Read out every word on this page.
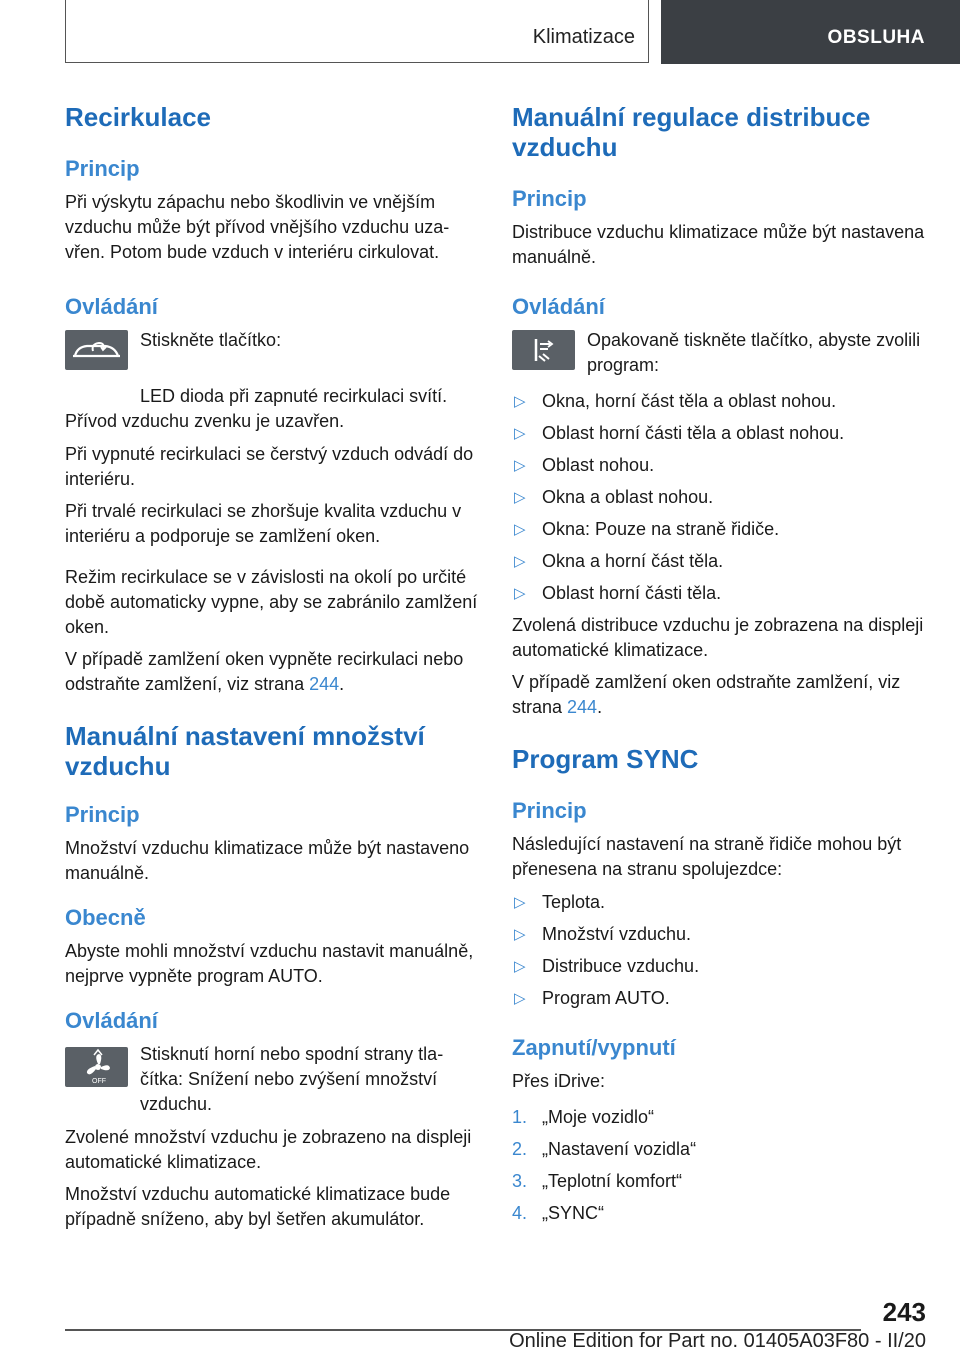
Klimatizace	OBSLUHA
Recirkulace
Princip

Při výskytu zápachu nebo škodlivin ve vnějším vzduchu může být přívod vnějšího vzduchu uzavřen. Potom bude vzduch v interiéru cirkulovat.

Ovládání

Stiskněte tlačítko:

LED dioda při zapnuté recirkulaci svítí. Přívod vzduchu zvenku je uzavřen.

Při vypnuté recirkulaci se čerstvý vzduch odvádí do interiéru.

Při trvalé recirkulaci se zhoršuje kvalita vzduchu v interiéru a podporuje se zamlžení oken.

Režim recirkulace se v závislosti na okolí po určité době automaticky vypne, aby se zabránilo zamlžení oken.

V případě zamlžení oken vypněte recirkulaci nebo odstraňte zamlžení, viz strana 244.

Manuální nastavení množství vzduchu
Princip

Množství vzduchu klimatizace může být nastaveno manuálně.

Obecně

Abyste mohli množství vzduchu nastavit manuálně, nejprve vypněte program AUTO.

Ovládání
OFF

Stisknutí horní nebo spodní strany tlačítka: Snížení nebo zvýšení množství vzduchu.

Zvolené množství vzduchu je zobrazeno na displeji automatické klimatizace.

Množství vzduchu automatické klimatizace bude případně sníženo, aby byl šetřen akumulátor.

Manuální regulace distribuce vzduchu
Princip

Distribuce vzduchu klimatizace může být nastavena manuálně.

Ovládání

Opakovaně tiskněte tlačítko, abyste zvolili program:

▷ Okna, horní část těla a oblast nohou.
▷ Oblast horní části těla a oblast nohou.
▷ Oblast nohou.
▷ Okna a oblast nohou.
▷ Okna: Pouze na straně řidiče.
▷ Okna a horní část těla.
▷ Oblast horní části těla.

Zvolená distribuce vzduchu je zobrazena na displeji automatické klimatizace.

V případě zamlžení oken odstraňte zamlžení, viz strana 244.

Program SYNC
Princip

Následující nastavení na straně řidiče mohou být přenesena na stranu spolujezdce:

▷ Teplota.
▷ Množství vzduchu.
▷ Distribuce vzduchu.
▷ Program AUTO.
Zapnutí/vypnutí

Přes iDrive:

1. „Moje vozidlo“
2. „Nastavení vozidla“
3. „Teplotní komfort“
4. „SYNC“
243
Online Edition for Part no. 01405A03F80 - II/20
